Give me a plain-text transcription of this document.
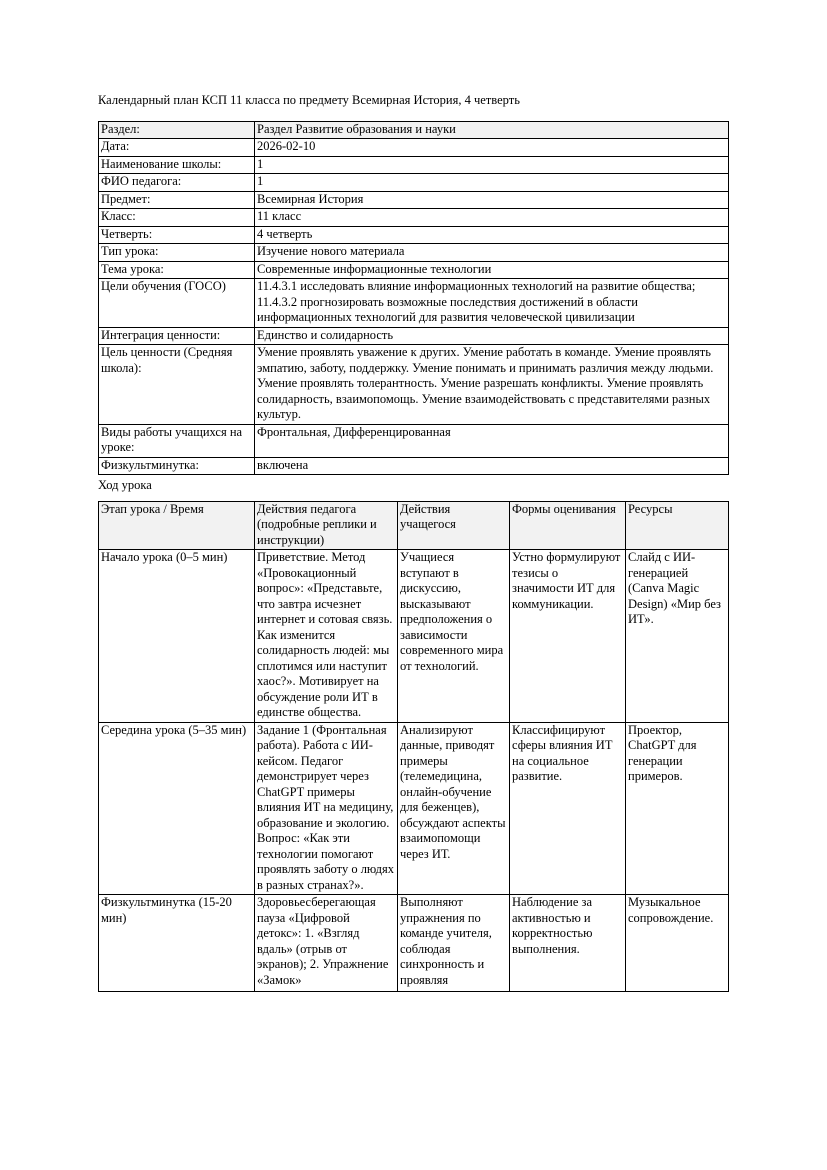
Календарный план КСП 11 класса по предмету Всемирная История, 4 четверть
Раздел:	Раздел Развитие образования и науки
Дата:	2026-02-10
Наименование школы:	1
ФИО педагога:	1
Предмет:	Всемирная История
Класс:	11 класс
Четверть:	4 четверть
Тип урока:	Изучение нового материала
Тема урока:	Современные информационные технологии
Цели обучения (ГОСО)	11.4.3.1 исследовать влияние информационных технологий на развитие общества; 11.4.3.2 прогнозировать возможные последствия достижений в области информационных технологий для развития человеческой цивилизации
Интеграция ценности:	Единство и солидарность
Цель ценности (Средняя школа):	Умение проявлять уважение к других. Умение работать в команде. Умение проявлять эмпатию, заботу, поддержку. Умение понимать и принимать различия между людьми. Умение проявлять толерантность. Умение разрешать конфликты. Умение проявлять солидарность, взаимопомощь. Умение взаимодействовать с представителями разных культур.
Виды работы учащихся на уроке:	Фронтальная, Дифференцированная
Физкультминутка:	включена
Ход урока
Этап урока / Время	Действия педагога (подробные реплики и инструкции)	Действия учащегося	Формы оценивания	Ресурсы
Начало урока (0–5 мин)	Приветствие. Метод «Провокационный вопрос»: «Представьте, что завтра исчезнет интернет и сотовая связь. Как изменится солидарность людей: мы сплотимся или наступит хаос?». Мотивирует на обсуждение роли ИТ в единстве общества.	Учащиеся вступают в дискуссию, высказывают предположения о зависимости современного мира от технологий.	Устно формулируют тезисы о значимости ИТ для коммуникации.	Слайд с ИИ-генерацией (Canva Magic Design) «Мир без ИТ».
Середина урока (5–35 мин)	Задание 1 (Фронтальная работа). Работа с ИИ-кейсом. Педагог демонстрирует через ChatGPT примеры влияния ИТ на медицину, образование и экологию. Вопрос: «Как эти технологии помогают проявлять заботу о людях в разных странах?».	Анализируют данные, приводят примеры (телемедицина, онлайн-обучение для беженцев), обсуждают аспекты взаимопомощи через ИТ.	Классифицируют сферы влияния ИТ на социальное развитие.	Проектор, ChatGPT для генерации примеров.

Физкультминутка (15-20 мин)	Здоровьесберегающая пауза «Цифровой детокс»: 1. «Взгляд вдаль» (отрыв от экранов); 2. Упражнение «Замок»	Выполняют упражнения по команде учителя, соблюдая синхронность и проявляя	Наблюдение за активностью и корректностью выполнения.	Музыкальное сопровождение.
